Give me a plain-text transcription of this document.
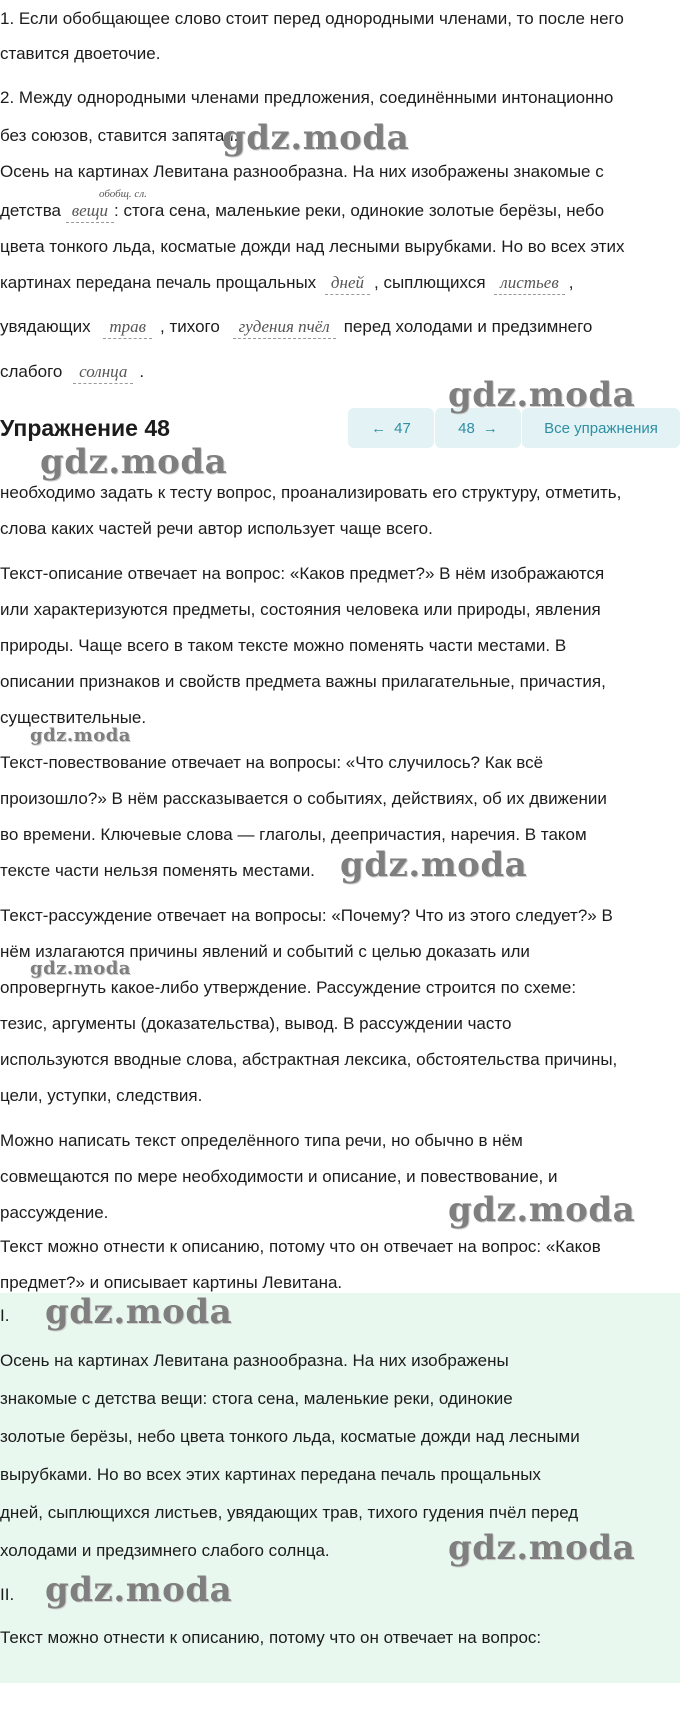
1. Если обобщающее слово стоит перед однородными членами, то после него

ставится двоеточие.

2. Между однородными членами предложения, соединёнными интонационно

без союзов, ставится запятая.

Осень на картинах Левитана разнообразна. На них изображены знакомые с

обобщ. сл.

детства вещи : стога сена, маленькие реки, одинокие золотые берёзы, небо

цвета тонкого льда, косматые дожди над лесными вырубками. Но во всех этих

картинах передана печаль прощальных дней , сыплющихся листьев ,

увядающих трав , тихого гудения пчёл перед холодами и предзимнего

слабого солнца .

Упражнение 48	← 47	48 →	Все упражнения

необходимо задать к тесту вопрос, проанализировать его структуру, отметить,

слова каких частей речи автор использует чаще всего.

Текст-описание отвечает на вопрос: «Каков предмет?» В нём изображаются

или характеризуются предметы, состояния человека или природы, явления

природы. Чаще всего в таком тексте можно поменять части местами. В

описании признаков и свойств предмета важны прилагательные, причастия,

существительные.

Текст-повествование отвечает на вопросы: «Что случилось? Как всё

произошло?» В нём рассказывается о событиях, действиях, об их движении

во времени. Ключевые слова — глаголы, деепричастия, наречия. В таком

тексте части нельзя поменять местами.

Текст-рассуждение отвечает на вопросы: «Почему? Что из этого следует?» В

нём излагаются причины явлений и событий с целью доказать или

опровергнуть какое-либо утверждение. Рассуждение строится по схеме:

тезис, аргументы (доказательства), вывод. В рассуждении часто

используются вводные слова, абстрактная лексика, обстоятельства причины,

цели, уступки, следствия.

Можно написать текст определённого типа речи, но обычно в нём

совмещаются по мере необходимости и описание, и повествование, и

рассуждение.

Текст можно отнести к описанию, потому что он отвечает на вопрос: «Каков

предмет?» и описывает картины Левитана.

I.

Осень на картинах Левитана разнообразна. На них изображены

знакомые с детства вещи: стога сена, маленькие реки, одинокие

золотые берёзы, небо цвета тонкого льда, косматые дожди над лесными

вырубками. Но во всех этих картинах передана печаль прощальных

дней, сыплющихся листьев, увядающих трав, тихого гудения пчёл перед

холодами и предзимнего слабого солнца.

II.

Текст можно отнести к описанию, потому что он отвечает на вопрос:

gdz.moda
gdz.moda
gdz.moda
gdz.moda
gdz.moda
gdz.moda
gdz.moda
gdz.moda
gdz.moda
gdz.moda
